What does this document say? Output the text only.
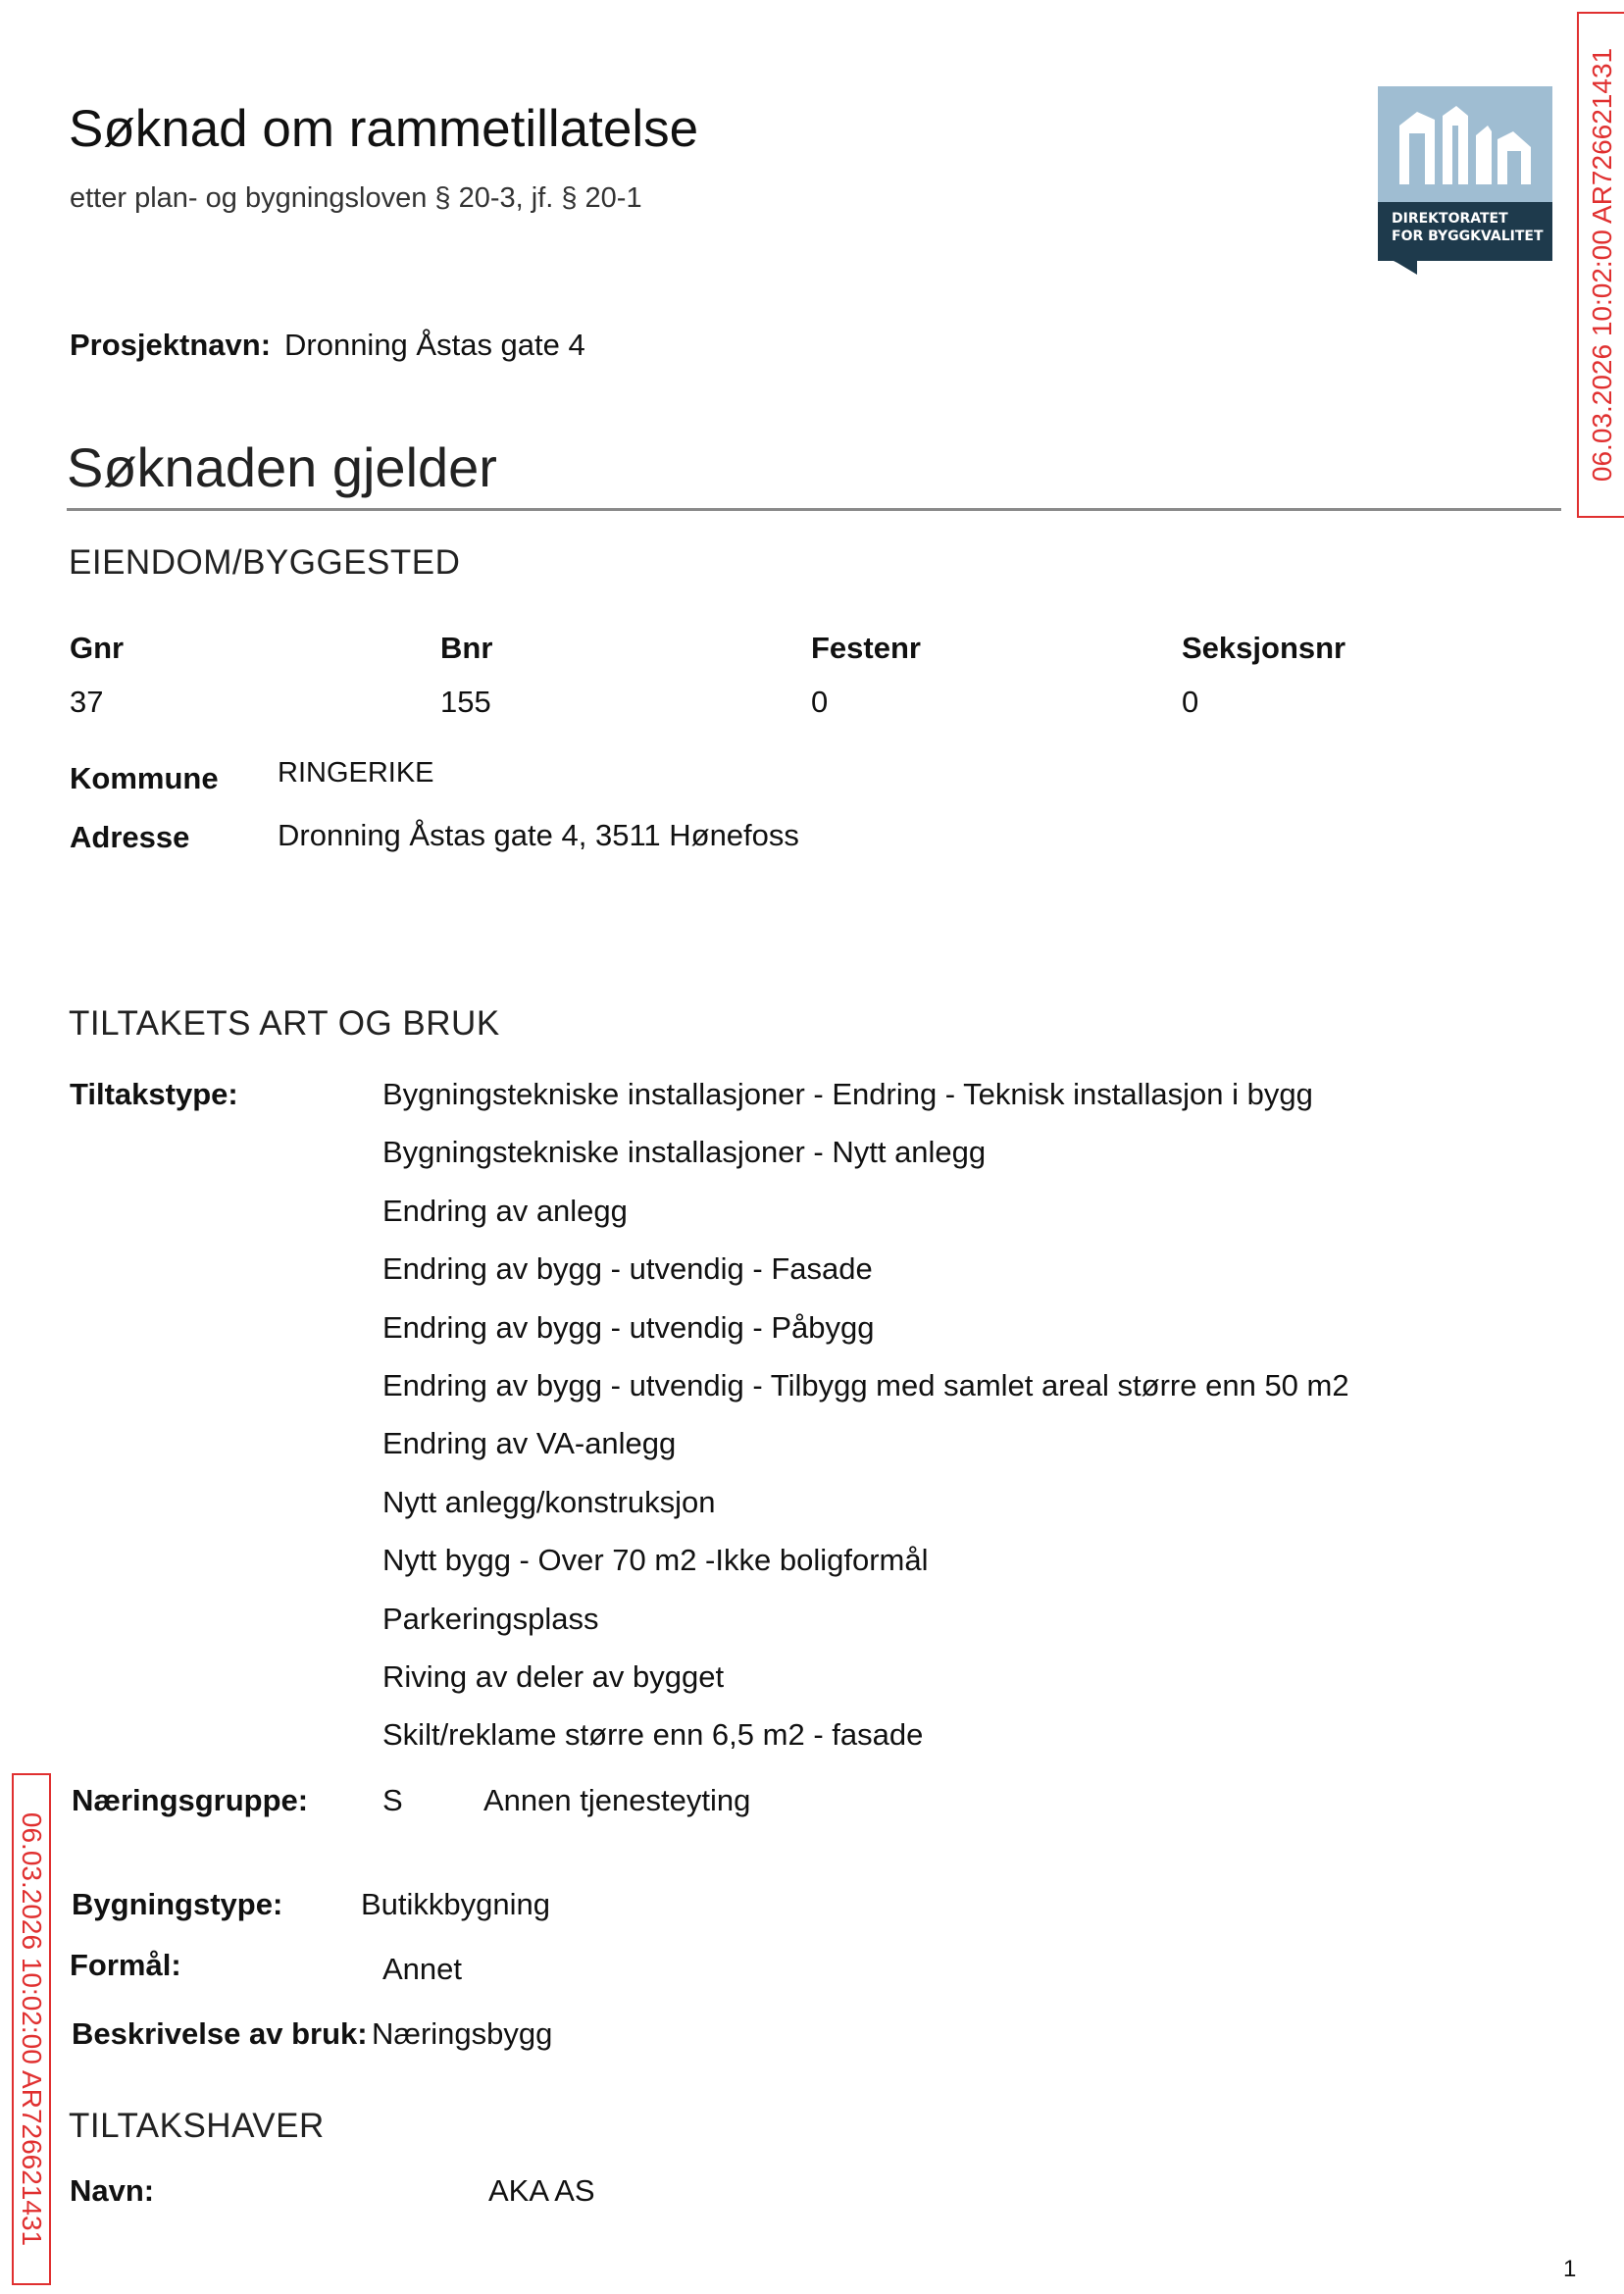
Søknad om rammetillatelse
etter plan- og bygningsloven § 20-3, jf. § 20-1
DIREKTORATET
FOR BYGGKVALITET 06.03.2026 10:02:00 AR726621431
06.03.2026 10:02:00 AR726621431
Prosjektnavn: Dronning Åstas gate 4
Søknaden gjelder
EIENDOM/BYGGESTED
Gnr	Bnr	Festenr	Seksjonsnr
37	155	0	0
Kommune RINGERIKE
Adresse	Dronning Åstas gate 4, 3511 Hønefoss
TILTAKETS ART OG BRUK
Tiltakstype:	Bygningstekniske installasjoner - Endring - Teknisk installasjon i bygg
Bygningstekniske installasjoner - Nytt anlegg
Endring av anlegg
Endring av bygg - utvendig - Fasade
Endring av bygg - utvendig - Påbygg
Endring av bygg - utvendig - Tilbygg med samlet areal større enn 50 m2
Endring av VA-anlegg
Nytt anlegg/konstruksjon
Nytt bygg - Over 70 m2 -Ikke boligformål
Parkeringsplass
Riving av deler av bygget
Skilt/reklame større enn 6,5 m2 - fasade
Næringsgruppe: S	Annen tjenesteyting
Bygningstype:	Butikkbygning
Formål:	Annet
Beskrivelse av bruk: Næringsbygg
TILTAKSHAVER
Navn:	AKA AS
1
